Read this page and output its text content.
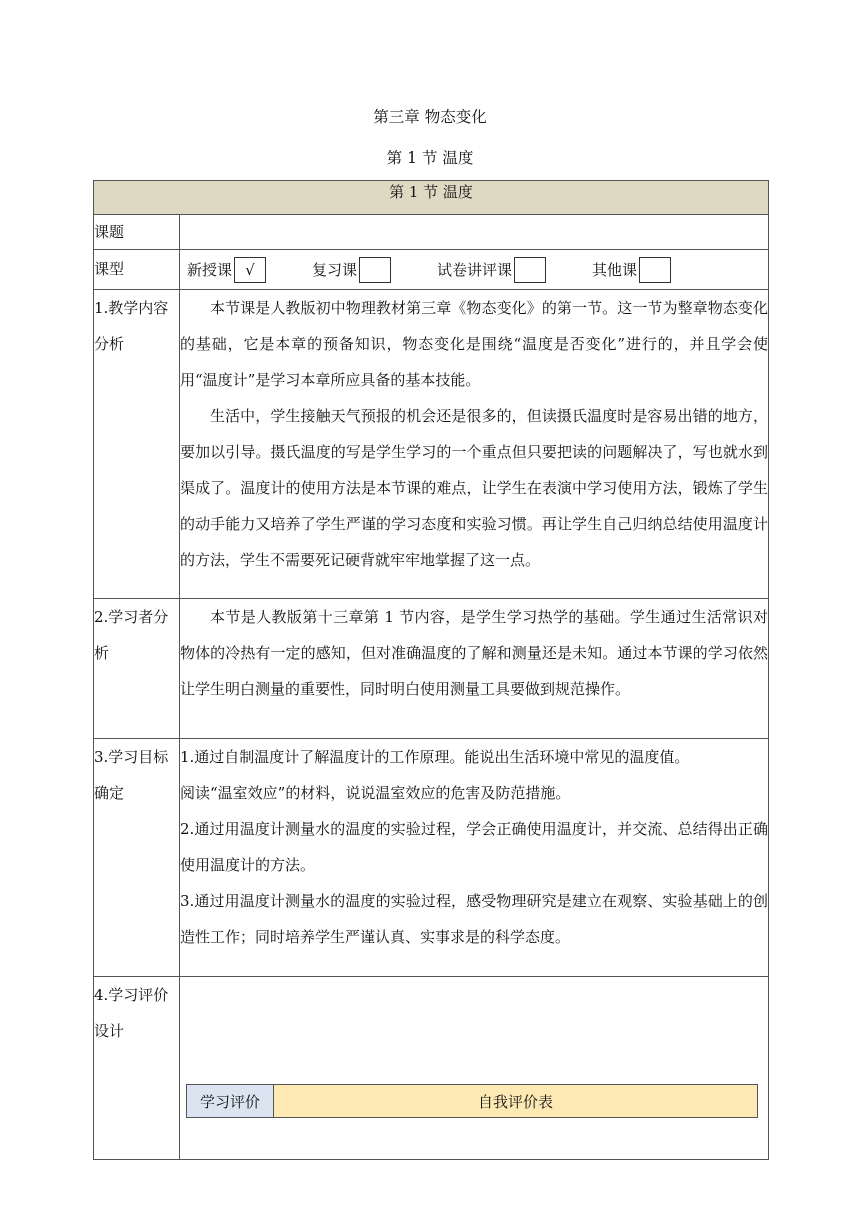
第三章 物态变化
第 1 节 温度
第 1 节 温度	
课题	
课型	新授课 √ 复习课 试卷讲评课 其他课

1.教学内容分析	本节课是人教版初中物理教材第三章《物态变化》的第一节。这一节为整章物态变化的基础，它是本章的预备知识，物态变化是围绕“温度是否变化”进行的，并且学会使用“温度计”是学习本章所应具备的基本技能。

生活中，学生接触天气预报的机会还是很多的，但读摄氏温度时是容易出错的地方，要加以引导。摄氏温度的写是学生学习的一个重点但只要把读的问题解决了，写也就水到渠成了。温度计的使用方法是本节课的难点，让学生在表演中学习使用方法，锻炼了学生的动手能力又培养了学生严谨的学习态度和实验习惯。再让学生自己归纳总结使用温度计的方法，学生不需要死记硬背就牢牢地掌握了这一点。

2.学习者分析	本节是人教版第十三章第 1 节内容，是学生学习热学的基础。学生通过生活常识对物体的冷热有一定的感知，但对准确温度的了解和测量还是未知。通过本节课的学习依然让学生明白测量的重要性，同时明白使用测量工具要做到规范操作。

3.学习目标确定	1.通过自制温度计了解温度计的工作原理。能说出生活环境中常见的温度值。

阅读“温室效应”的材料，说说温室效应的危害及防范措施。

2.通过用温度计测量水的温度的实验过程，学会正确使用温度计，并交流、总结得出正确使用温度计的方法。

3.通过用温度计测量水的温度的实验过程，感受物理研究是建立在观察、实验基础上的创造性工作；同时培养学生严谨认真、实事求是的科学态度。

4.学习评价设计	
学习评价	自我评价表
